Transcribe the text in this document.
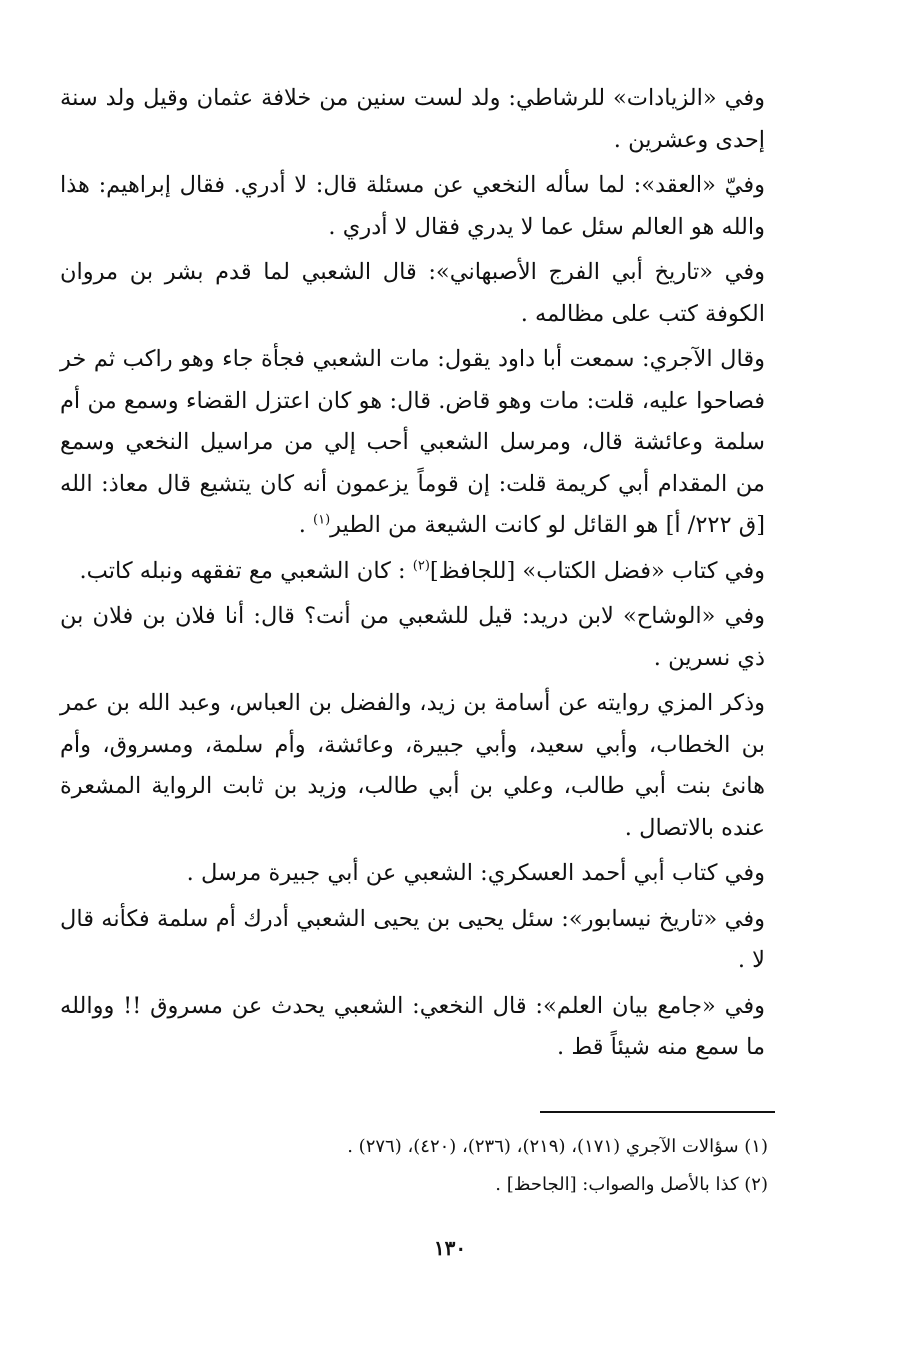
وفي «الزيادات» للرشاطي: ولد لست سنين من خلافة عثمان وقيل ولد سنة إحدى وعشرين .

وفيّ «العقد»: لما سأله النخعي عن مسئلة قال: لا أدري. فقال إبراهيم: هذا والله هو العالم سئل عما لا يدري فقال لا أدري .

وفي «تاريخ أبي الفرج الأصبهاني»: قال الشعبي لما قدم بشر بن مروان الكوفة كتب على مظالمه .

وقال الآجري: سمعت أبا داود يقول: مات الشعبي فجأة جاء وهو راكب ثم خر فصاحوا عليه، قلت: مات وهو قاض. قال: هو كان اعتزل القضاء وسمع من أم سلمة وعائشة قال، ومرسل الشعبي أحب إلي من مراسيل النخعي وسمع من المقدام أبي كريمة قلت: إن قوماً يزعمون أنه كان يتشيع قال معاذ: الله [ق ٢٢٢/ أ] هو القائل لو كانت الشيعة من الطير$^{(١)}$ .

وفي كتاب «فضل الكتاب» [للجافظ]$^{(٢)}$ : كان الشعبي مع تفقهه ونبله كاتب.

وفي «الوشاح» لابن دريد: قيل للشعبي من أنت؟ قال: أنا فلان بن فلان بن ذي نسرين .

وذكر المزي روايته عن أسامة بن زيد، والفضل بن العباس، وعبد الله بن عمر بن الخطاب، وأبي سعيد، وأبي جبيرة، وعائشة، وأم سلمة، ومسروق، وأم هانئ بنت أبي طالب، وعلي بن أبي طالب، وزيد بن ثابت الرواية المشعرة عنده بالاتصال .

وفي كتاب أبي أحمد العسكري: الشعبي عن أبي جبيرة مرسل .

وفي «تاريخ نيسابور»: سئل يحيى بن يحيى الشعبي أدرك أم سلمة فكأنه قال لا .

وفي «جامع بيان العلم»: قال النخعي: الشعبي يحدث عن مسروق !! ووالله ما سمع منه شيئاً قط .

(١) سؤالات الآجري (١٧١)، (٢١٩)، (٢٣٦)، (٤٢٠)، (٢٧٦) .

(٢) كذا بالأصل والصواب: [الجاحظ] .

١٣٠
